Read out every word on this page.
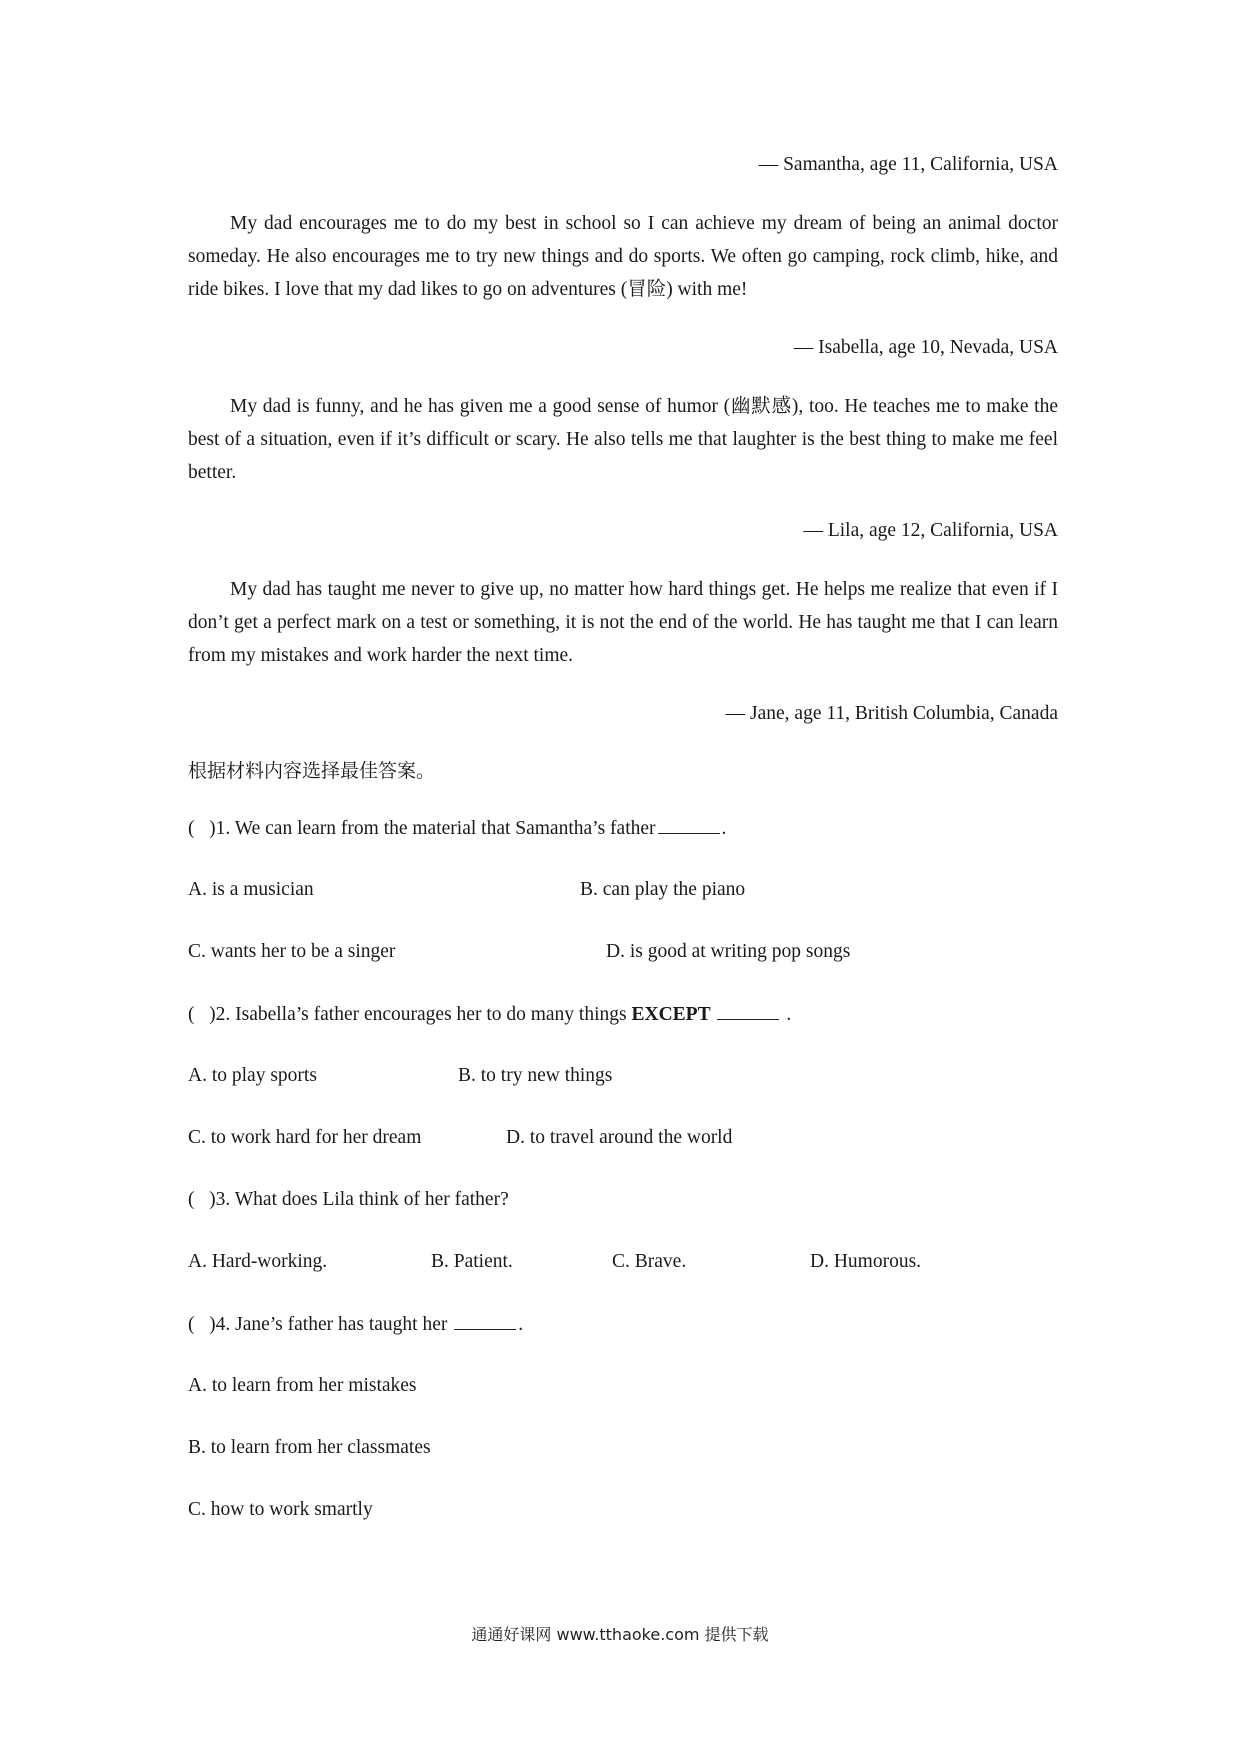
— Samantha, age 11, California, USA
My dad encourages me to do my best in school so I can achieve my dream of being an animal doctor someday. He also encourages me to try new things and do sports. We often go camping, rock climb, hike, and ride bikes. I love that my dad likes to go on adventures (冒险) with me!
— Isabella, age 10, Nevada, USA
My dad is funny, and he has given me a good sense of humor (幽默感), too. He teaches me to make the best of a situation, even if it’s difficult or scary. He also tells me that laughter is the best thing to make me feel better.
— Lila, age 12, California, USA
My dad has taught me never to give up, no matter how hard things get. He helps me realize that even if I don’t get a perfect mark on a test or something, it is not the end of the world. He has taught me that I can learn from my mistakes and work harder the next time.
— Jane, age 11, British Columbia, Canada
根据材料内容选择最佳答案。
(   )1. We can learn from the material that Samantha’s father	.
A. is a musician	B. can play the piano
C. wants her to be a singer	D. is good at writing pop songs
(   )2. Isabella’s father encourages her to do many things EXCEPT	.
A. to play sports	B. to try new things
C. to work hard for her dream	D. to travel around the world
(   )3. What does Lila think of her father?
A. Hard-working.	B. Patient.	C. Brave.	D. Humorous.
(   )4. Jane’s father has taught her	.
A. to learn from her mistakes
B. to learn from her classmates
C. how to work smartly
通通好课网 www.tthaoke.com 提供下载
